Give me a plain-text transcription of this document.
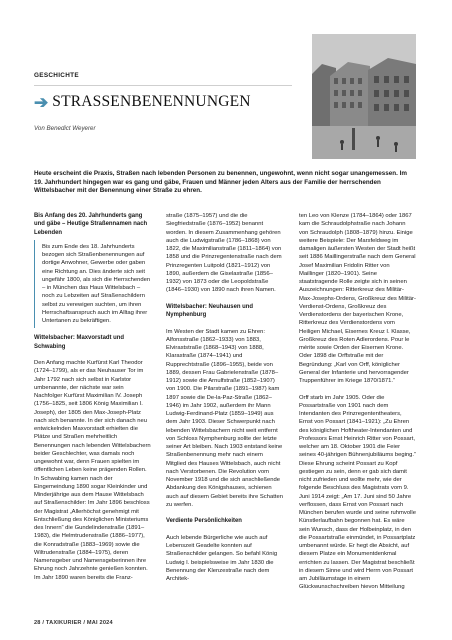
GESCHICHTE
➔ STRASSENBENENNUNGEN
Von Benedict Weyerer
Heute erscheint die Praxis, Straßen nach lebenden Personen zu benennen, ungewohnt, wenn nicht sogar unangemessen. Im 19. Jahrhundert hingegen war es gang und gäbe, Frauen und Männer jeden Alters aus der Familie der herrschenden Wittelsbacher mit der Benennung einer Straße zu ehren.
Bis Anfang des 20. Jahrhunderts gang und gäbe – Heutige Straßennamen nach Lebenden

Bis zum Ende des 18. Jahrhunderts bezogen sich Straßenbenennungen auf dortige Anwohner, Gewerbe oder gaben eine Richtung an. Dies änderte sich seit ungefähr 1800, als sich die Herrschenden – in München das Haus Wittelsbach – noch zu Lebzeiten auf Straßenschildern selbst zu verewigen suchten, um ihren Herrschaftsanspruch auch im Alltag ihrer Untertanen zu bekräftigen.

Wittelsbacher: Maxvorstadt und Schwabing

Den Anfang machte Kurfürst Karl Theodor (1724–1799), als er das Neuhauser Tor im Jahr 1792 nach sich selbst in Karlstor umbenannte, der nächste war sein Nachfolger Kurfürst Maximilian IV. Joseph (1756–1825, seit 1806 König Maximilian I. Joseph), der 1805 den Max-Joseph-Platz nach sich benannte. In der sich danach neu entwickelnden Maxvorstadt erhielten die Plätze und Straßen mehrheitlich Benennungen nach lebenden Wittelsbachern beider Geschlechter, was damals noch ungewohnt war, denn Frauen spielten im öffentlichen Leben keine prägenden Rollen. In Schwabing kamen nach der Eingemeindung 1890 sogar Kleinkinder und Minderjährige aus dem Hause Wittelsbach auf Straßenschilder: Im Jahr 1896 beschloss der Magistrat „Allerhöchst genehmigt mit Entschließung des Königlichen Ministeriums des Innern“ die Gundelindenstraße (1891–1983), die Helmtrudenstraße (1886–1977), die Konradstraße (1883–1969) sowie die Wiltrudenstraße (1884–1975), deren Namensgeber und Namensgeberinnen ihre Ehrung noch Jahrzehnte genießen konnten. Im Jahr 1890 waren bereits die Franz-

straße (1875–1957) und die die Siegfriedstraße (1876–1952) benannt worden. In diesem Zusammenhang gehören auch die Ludwigstraße (1786–1868) von 1822, die Maximilianstraße (1811–1864) von 1858 und die Prinzregentenstraße nach dem Prinzregenten Luitpold (1821–1912) von 1890, außerdem die Giselastraße (1856–1932) von 1873 oder die Leopoldstraße (1846–1930) von 1890 nach ihren Namen.

Wittelsbacher: Neuhausen und Nymphenburg

Im Westen der Stadt kamen zu Ehren: Alfonsstraße (1862–1933) von 1883, Elviraststraße (1868–1943) von 1888, Klarastraße (1874–1941) und Rupprechtstraße (1896–1955), beide von 1889, dessen Frau Gabrielenstraße (1878–1912) sowie die Arnulfstraße (1852–1907) von 1900. Die Pilarstraße (1891–1987) kam 1897 sowie die De-la-Paz-Straße (1862–1946) im Jahr 1902, außerdem ihr Mann Ludwig-Ferdinand-Platz (1859–1949) aus dem Jahr 1903. Dieser Schwerpunkt nach lebenden Wittelsbachern nicht weit entfernt von Schloss Nymphenburg sollte der letzte seiner Art bleiben. Nach 1903 entstand keine Straßenbenennung mehr nach einem Mitglied des Hauses Wittelsbach, auch nicht nach Verstorbenen. Die Revolution vom November 1918 und die sich anschließende Abdankung des Königshauses, schienen auch auf diesem Gebiet bereits ihre Schatten zu werfen.

Verdiente Persönlichkeiten

Auch lebende Bürgerliche wie auch auf Lebenszeit Geadelte konnten auf Straßenschilder gelangen. So befahl König Ludwig I. beispielsweise im Jahr 1830 die Benennung der Klenzestraße nach dem Architek-

ten Leo von Klenze (1784–1864) oder 1867 kam die Schraudolphstraße nach Johann von Schraudolph (1808–1879) hinzu. Einige weitere Beispiele: Der Marsfeldweg im damaligen äußersten Westen der Stadt heißt seit 1886 Maillingerstraße nach dem General Josef Maximilian Fridolin Ritter von Maillinger (1820–1901). Seine staatstragende Rolle zeigte sich in seinen Auszeichnungen: Ritterkreuz des Militär-Max-Josephs-Ordens, Großkreuz des Militär-Verdienst-Ordens, Großkreuz des Verdienstordens der bayerischen Krone, Ritterkreuz des Verdienstordens vom Heiligen Michael, Eisernes Kreuz I. Klasse, Großkreuz des Roten Adlerordens. Pour le mérite sowie Orden der Eisernen Krone. Oder 1898 die Orffstraße mit der Begründung: „Karl von Orff, königlicher General der Infanterie und hervorragender Truppenführer im Kriege 1870/1871.“

Orff starb im Jahr 1905. Oder die Possartstraße von 1901 nach dem Intendanten des Prinzregententheaters, Ernst von Possart (1841–1921): „Zu Ehren des königlichen Hoftheater-Intendanten und Professors Ernst Heinrich Ritter von Possart, welcher am 18. Oktober 1901 die Feier seines 40-jährigen Bühnenjubiläums beging.“ Diese Ehrung scheint Possart zu Kopf gestiegen zu sein, denn er gab sich damit nicht zufrieden und wollte mehr, wie der folgende Beschluss des Magistrats vom 9. Juni 1914 zeigt: „Am 17. Juni sind 50 Jahre verflossen, dass Ernst von Possart nach München berufen wurde und seine ruhmvolle Künstlerlaufbahn begonnen hat. Es wäre sein Wunsch, dass der Holbeinplatz, in den die Possartstraße einmündet, in Possartplatz umbenannt würde. Er hegt die Absicht, auf diesem Platze ein Monumentdenkmal errichten zu lassen. Der Magistrat beschließt in diesem Sinne und wird Herrn von Possart am Jubiläumstage in einem Glückwunschschreiben hievon Mitteilung

28 / TAXIKURIER / MAI 2024
